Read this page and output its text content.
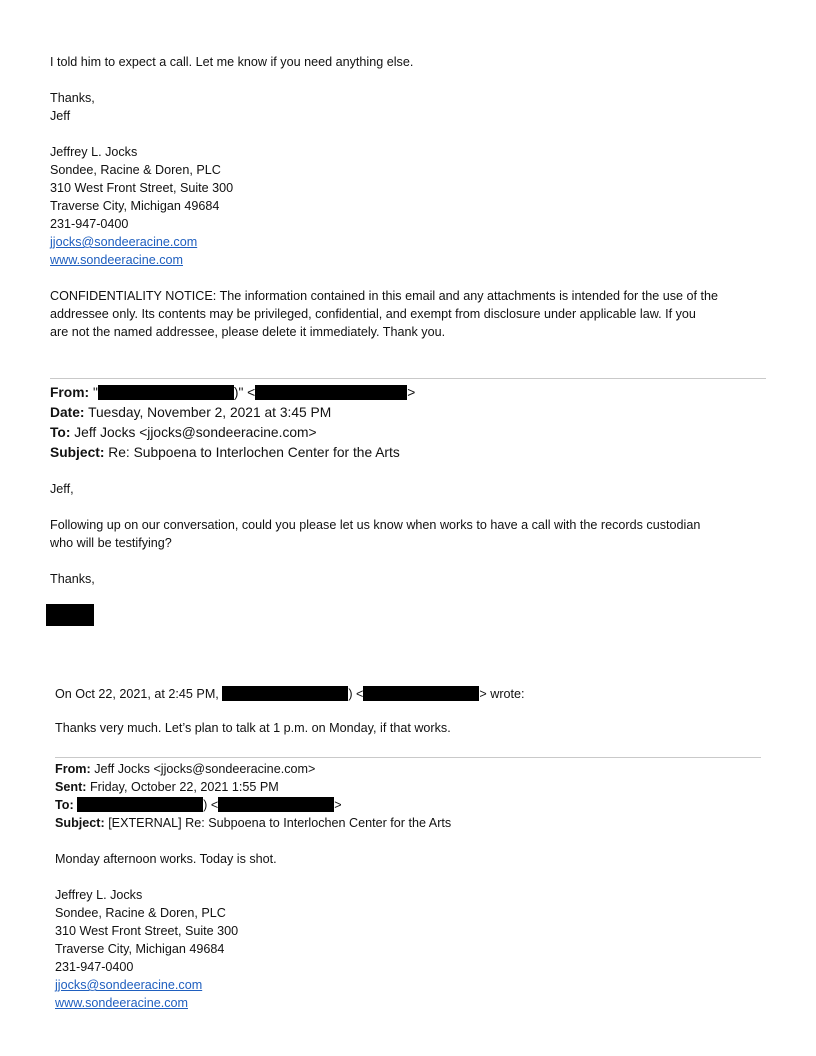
I told him to expect a call. Let me know if you need anything else.
Thanks,
Jeff
Jeffrey L. Jocks
Sondee, Racine & Doren, PLC
310 West Front Street, Suite 300
Traverse City, Michigan 49684
231-947-0400
jjocks@sondeeracine.com
www.sondeeracine.com
CONFIDENTIALITY NOTICE: The information contained in this email and any attachments is intended for the use of the
addressee only. Its contents may be privileged, confidential, and exempt from disclosure under applicable law. If you
are not the named addressee, please delete it immediately. Thank you.
From: "	)" <	>
Date: Tuesday, November 2, 2021 at 3:45 PM
To: Jeff Jocks <jjocks@sondeeracine.com>
Subject: Re: Subpoena to Interlochen Center for the Arts
Jeff,
Following up on our conversation, could you please let us know when works to have a call with the records custodian
who will be testifying?
Thanks,
On Oct 22, 2021, at 2:45 PM,	) <	> wrote:
Thanks very much. Let’s plan to talk at 1 p.m. on Monday, if that works.
From: Jeff Jocks <jjocks@sondeeracine.com>
Sent: Friday, October 22, 2021 1:55 PM
To:	) <	>
Subject: [EXTERNAL] Re: Subpoena to Interlochen Center for the Arts
Monday afternoon works. Today is shot.
Jeffrey L. Jocks
Sondee, Racine & Doren, PLC
310 West Front Street, Suite 300
Traverse City, Michigan 49684
231-947-0400
jjocks@sondeeracine.com
www.sondeeracine.com
